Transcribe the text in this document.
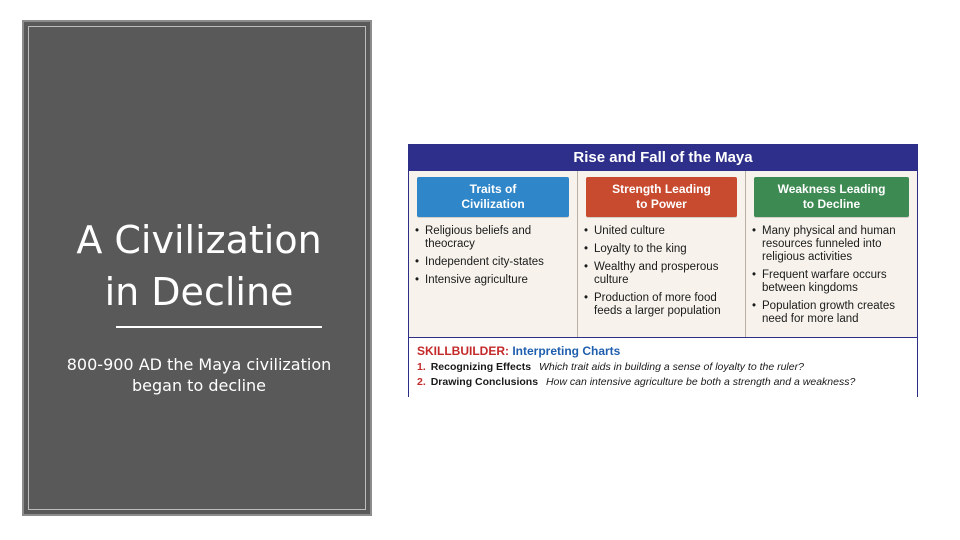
A Civilization
in Decline
800-900 AD the Maya civilization
began to decline
Rise and Fall of the Maya
Traits of
Civilization
• Religious beliefs and theocracy
• Independent city-states
• Intensive agriculture
Strength Leading
to Power
• United culture
• Loyalty to the king
• Wealthy and prosperous culture
• Production of more food feeds a larger population
Weakness Leading
to Decline
• Many physical and human resources funneled into religious activities
• Frequent warfare occurs between kingdoms
• Population growth creates need for more land
SKILLBUILDER: Interpreting Charts
1. Recognizing Effects Which trait aids in building a sense of loyalty to the ruler?
2. Drawing Conclusions How can intensive agriculture be both a strength and a weakness?
